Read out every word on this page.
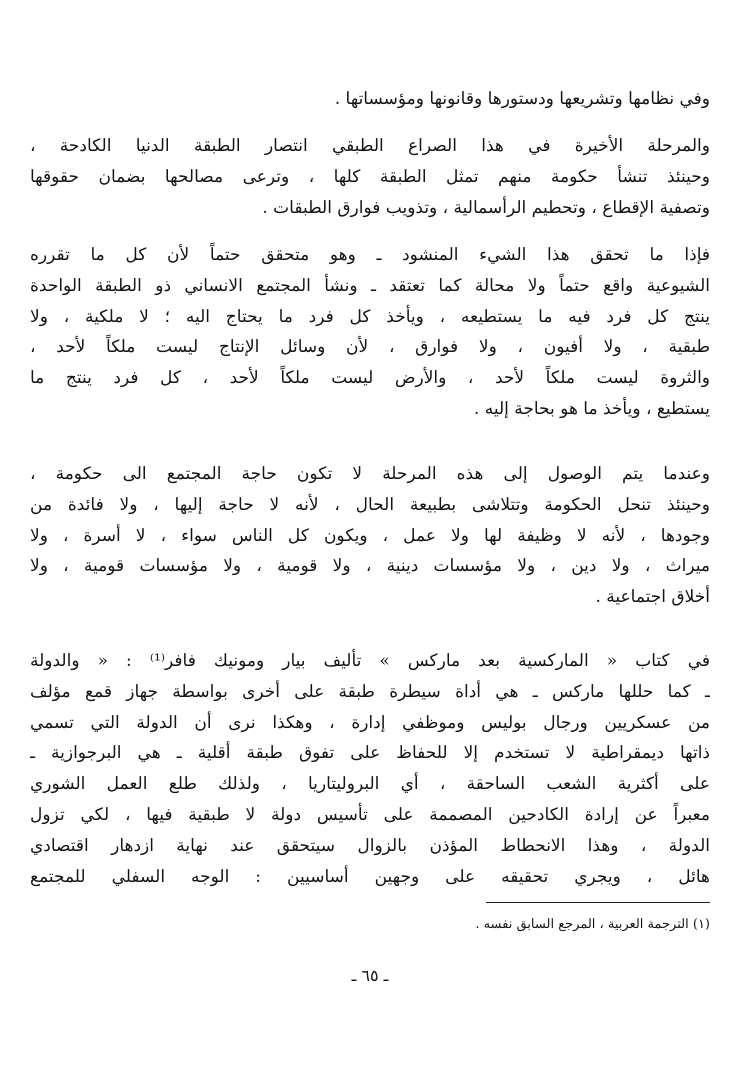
وفي نظامها وتشريعها ودستورها وقانونها ومؤسساتها .
والمرحلة الأخيرة في هذا الصراع الطبقي انتصار الطبقة الدنيا الكادحة ،
وحينئذ تنشأ حكومة منهم تمثل الطبقة كلها ، وترعى مصالحها بضمان حقوقها
وتصفية الإقطاع ، وتحطيم الرأسمالية ، وتذويب فوارق الطبقات .
فإذا ما تحقق هذا الشيء المنشود ـ وهو متحقق حتماً لأن كل ما تقرره
الشيوعية واقع حتماً ولا محالة كما تعتقد ـ ونشأ المجتمع الانساني ذو الطبقة الواحدة
ينتج كل فرد فيه ما يستطيعه ، ويأخذ كل فرد ما يحتاج اليه ؛ لا ملكية ، ولا
طبقية ، ولا أفيون ، ولا فوارق ، لأن وسائل الإنتاج ليست ملكاً لأحد ،
والثروة ليست ملكاً لأحد ، والأرض ليست ملكاً لأحد ، كل فرد ينتج ما
يستطيع ، ويأخذ ما هو بحاجة إليه .
وعندما يتم الوصول إلى هذه المرحلة لا تكون حاجة المجتمع الى حكومة ،
وحينئذ تنحل الحكومة وتتلاشى بطبيعة الحال ، لأنه لا حاجة إليها ، ولا فائدة من
وجودها ، لأنه لا وظيفة لها ولا عمل ، ويكون كل الناس سواء ، لا أسرة ، ولا
ميراث ، ولا دين ، ولا مؤسسات دينية ، ولا قومية ، ولا مؤسسات قومية ، ولا
أخلاق اجتماعية .
في كتاب « الماركسية بعد ماركس » تأليف بيار ومونيك فافر⁽¹⁾ : « والدولة
ـ كما حللها ماركس ـ هي أداة سيطرة طبقة على أخرى بواسطة جهاز قمع مؤلف
من عسكريين ورجال بوليس وموظفي إدارة ، وهكذا نرى أن الدولة التي تسمي
ذاتها ديمقراطية لا تستخدم إلا للحفاظ على تفوق طبقة أقلية ـ هي البرجوازية ـ
على أكثرية الشعب الساحقة ، أي البروليتاريا ، ولذلك طلع العمل الشوري
معبراً عن إرادة الكادحين المصممة على تأسيس دولة لا طبقية فيها ، لكي تزول
الدولة ، وهذا الانحطاط المؤذن بالزوال سيتحقق عند نهاية ازدهار اقتصادي
هائل ، ويجري تحقيقه على وجهين أساسيين : الوجه السفلي للمجتمع
(١) الترجمة العربية ، المرجع السابق نفسه .
ـ ٦٥ ـ
